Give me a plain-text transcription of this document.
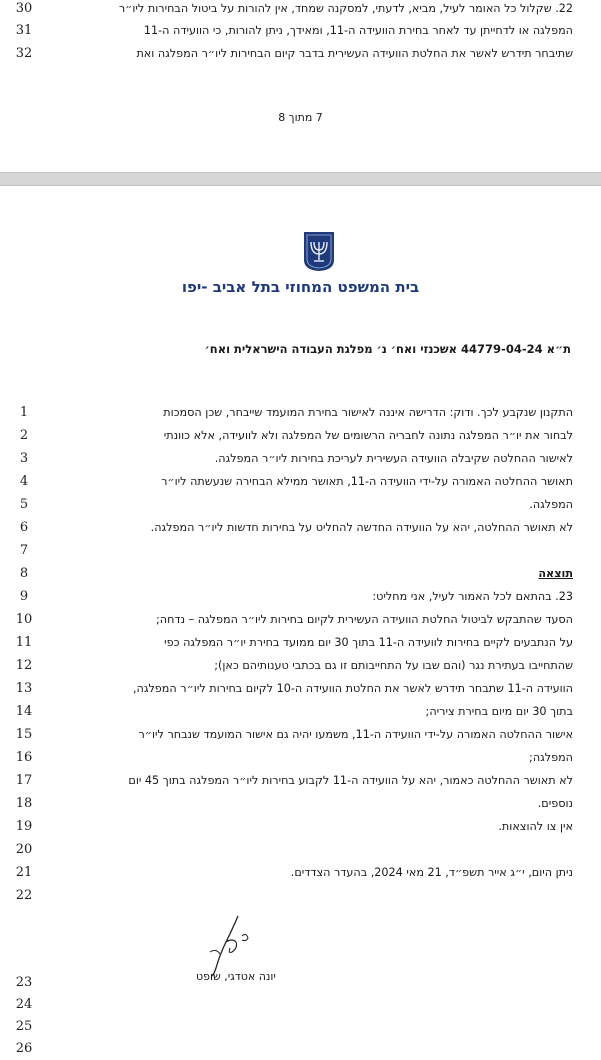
30	22. שקלול כל האומר לעיל, מביא, לדעתי, למסקנה שמחד, אין להורות על ביטול הבחירות ליו״ר
31	המפלגה או לדחייתן עד לאחר בחירת הוועידה ה-11, ומאידך, ניתן להורות, כי הוועידה ה-11
32	שתיבחר תידרש לאשר את החלטת הוועידה העשירית בדבר קיום הבחירות ליו״ר המפלגה ואת
7 מתוך 8
בית המשפט המחוזי בתל אביב -יפו
ת״א 44779-04-24 אשכנזי ואח׳ נ׳ מפלגת העבודה הישראלית ואח׳
1	התקנון שנקבע לכך. ודוק: הדרישה איננה לאישור בחירת המועמד שייבחר, שכן הסמכות
2	לבחור את יו״ר המפלגה נתונה לחבריה הרשומים של המפלגה ולא לוועידה, אלא כוונתי
3	לאישור ההחלטה שקיבלה הוועידה העשירית לעריכת בחירות ליו״ר המפלגה.
4	תאושר ההחלטה האמורה על-ידי הוועידה ה-11, תאושר ממילא הבחירה שנעשתה ליו״ר
5	המפלגה.
6	לא תאושר ההחלטה, יהא על הוועידה החדשה להחליט על בחירות חדשות ליו״ר המפלגה.
7
8	תוצאה
9	23. בהתאם לכל האמור לעיל, אני מחליט:
10	הסעד שהתבקש לביטול החלטת הוועידה העשירית לקיום בחירות ליו״ר המפלגה – נדחה;
11	על הנתבעים לקיים בחירות לוועידה ה-11 בתוך 30 יום ממועד בחירת יו״ר המפלגה כפי
12	שהתחייבו בעתירת נגר (והם שבו על התחייבותם זו גם בכתבי טענותיהם כאן);
13	הוועידה ה-11 שתבחר תידרש לאשר את החלטת הוועידה ה-10 לקיום בחירות ליו״ר המפלגה,
14	בתוך 30 יום מיום בחירת ציריה;
15	אישור ההחלטה האמורה על-ידי הוועידה ה-11, משמעו יהיה גם אישור המועמד שנבחר ליו״ר
16	המפלגה;
17	לא תאושר ההחלטה כאמור, יהא על הוועידה ה-11 לקבוע בחירות ליו״ר המפלגה בתוך 45 יום
18	נוספים.
19	אין צו להוצאות.
20
21	ניתן היום, י״ג אייר תשפ״ד, 21 מאי 2024, בהעדר הצדדים.
22
יונה אטדגי, שופט
23
24
25
26
